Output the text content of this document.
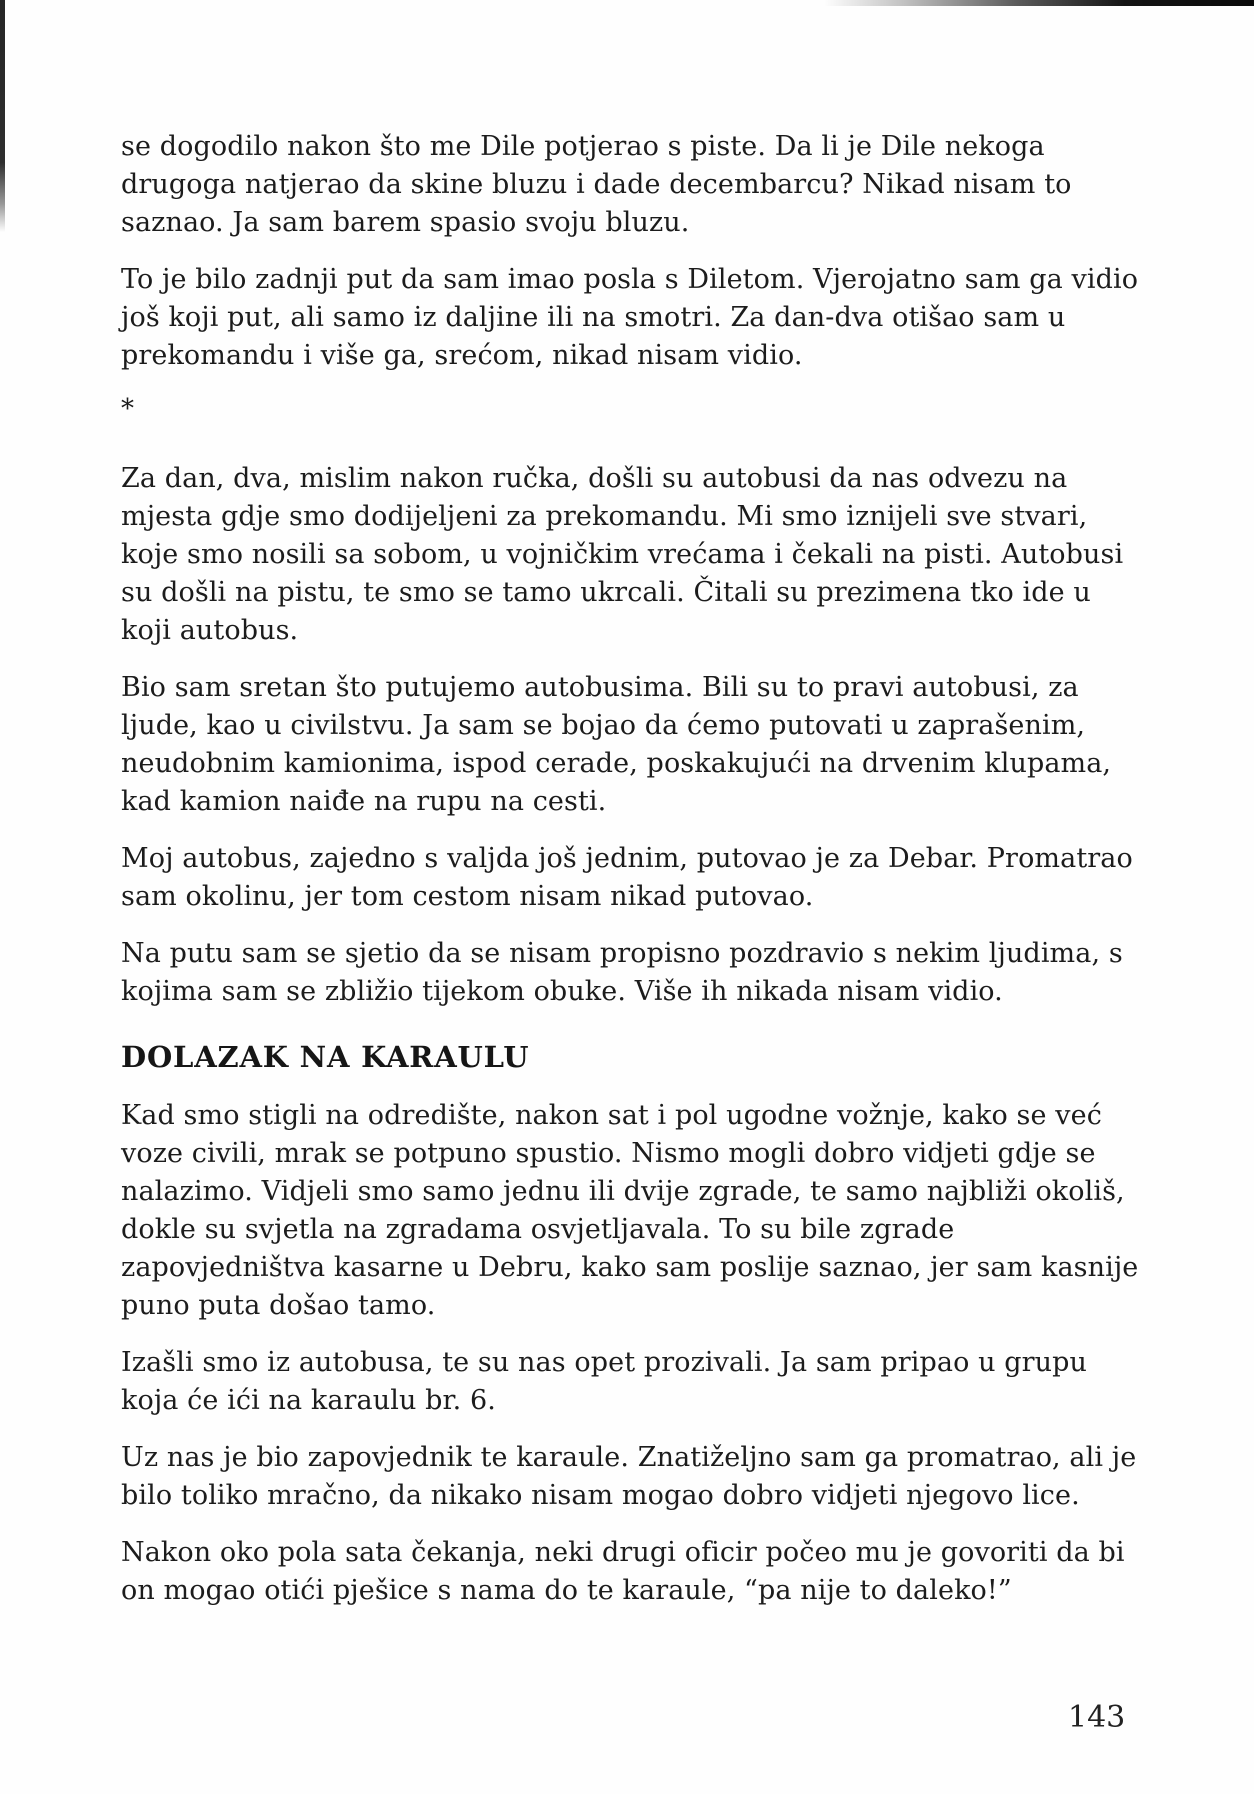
se dogodilo nakon što me Dile potjerao s piste. Da li je Dile nekoga drugoga natjerao da skine bluzu i dade decembarcu? Nikad nisam to saznao. Ja sam barem spasio svoju bluzu.

To je bilo zadnji put da sam imao posla s Diletom. Vjerojatno sam ga vidio još koji put, ali samo iz daljine ili na smotri. Za dan-dva otišao sam u prekomandu i više ga, srećom, nikad nisam vidio.

*

Za dan, dva, mislim nakon ručka, došli su autobusi da nas odvezu na mjesta gdje smo dodijeljeni za prekomandu. Mi smo iznijeli sve stvari, koje smo nosili sa sobom, u vojničkim vrećama i čekali na pisti. Autobusi su došli na pistu, te smo se tamo ukrcali. Čitali su prezimena tko ide u koji autobus.

Bio sam sretan što putujemo autobusima. Bili su to pravi autobusi, za ljude, kao u civilstvu. Ja sam se bojao da ćemo putovati u zaprašenim, neudobnim kamionima, ispod cerade, poskakujući na drvenim klupama, kad kamion naiđe na rupu na cesti.

Moj autobus, zajedno s valjda još jednim, putovao je za Debar. Promatrao sam okolinu, jer tom cestom nisam nikad putovao.

Na putu sam se sjetio da se nisam propisno pozdravio s nekim ljudima, s kojima sam se zbližio tijekom obuke. Više ih nikada nisam vidio.

DOLAZAK NA KARAULU

Kad smo stigli na odredište, nakon sat i pol ugodne vožnje, kako se već voze civili, mrak se potpuno spustio. Nismo mogli dobro vidjeti gdje se nalazimo. Vidjeli smo samo jednu ili dvije zgrade, te samo najbliži okoliš, dokle su svjetla na zgradama osvjetljavala. To su bile zgrade zapovjedništva kasarne u Debru, kako sam poslije saznao, jer sam kasnije puno puta došao tamo.

Izašli smo iz autobusa, te su nas opet prozivali. Ja sam pripao u grupu koja će ići na karaulu br. 6.

Uz nas je bio zapovjednik te karaule. Znatiželjno sam ga promatrao, ali je bilo toliko mračno, da nikako nisam mogao dobro vidjeti njegovo lice.

Nakon oko pola sata čekanja, neki drugi oficir počeo mu je govoriti da bi on mogao otići pješice s nama do te karaule, “pa nije to daleko!”

143
